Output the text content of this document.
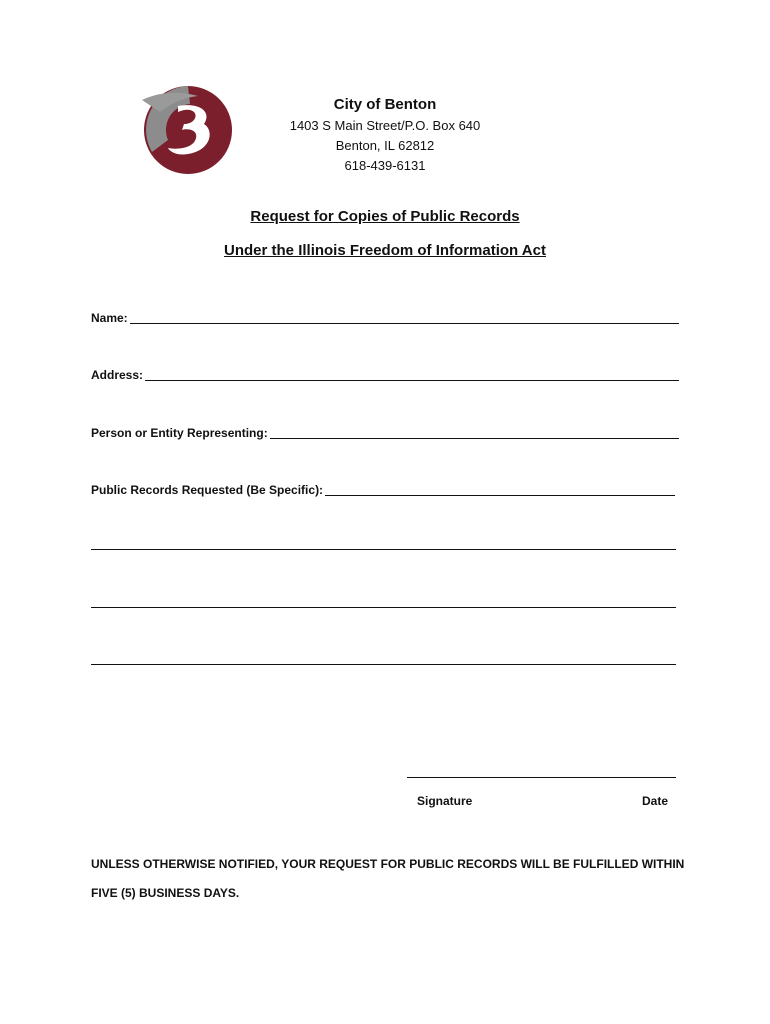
City of Benton
1403 S Main Street/P.O. Box 640
Benton, IL 62812
618-439-6131
Request for Copies of Public Records
Under the Illinois Freedom of Information Act
Name:
Address:
Person or Entity Representing:
Public Records Requested (Be Specific):
Signature	Date
UNLESS OTHERWISE NOTIFIED, YOUR REQUEST FOR PUBLIC RECORDS WILL BE FULFILLED WITHIN
FIVE (5) BUSINESS DAYS.
